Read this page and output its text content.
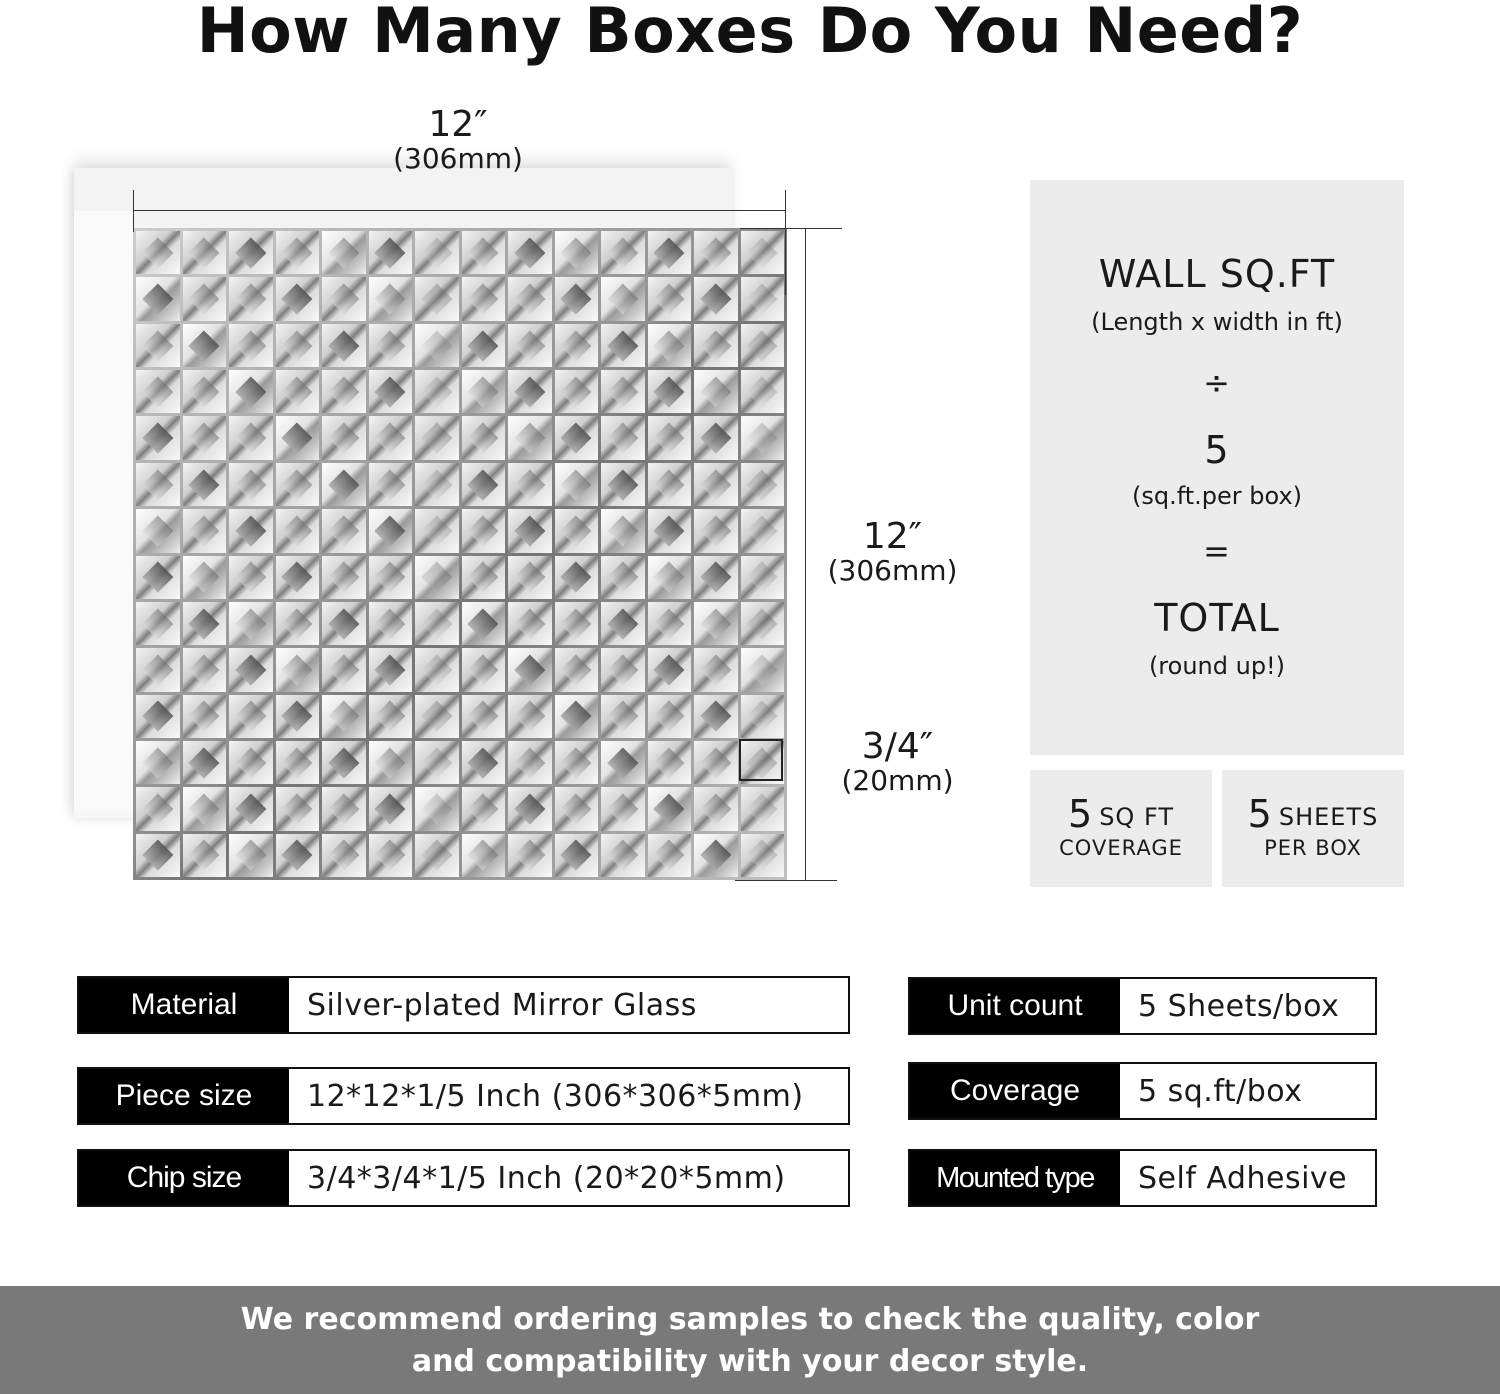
How Many Boxes Do You Need?
12″
(306mm)
12″
(306mm)
3/4″
(20mm)
WALL SQ.FT
(Length x width in ft)
÷
5
(sq.ft.per box)
=
TOTAL
(round up!)
5 SQ FT
COVERAGE
5 SHEETS
PER BOX
Material	Silver-plated Mirror Glass
Piece size	12*12*1/5 Inch (306*306*5mm)
Chip size	3/4*3/4*1/5 Inch (20*20*5mm)
Unit count	5 Sheets/box
Coverage	5 sq.ft/box
Mounted type	Self Adhesive
We recommend ordering samples to check the quality, color
and compatibility with your decor style.
